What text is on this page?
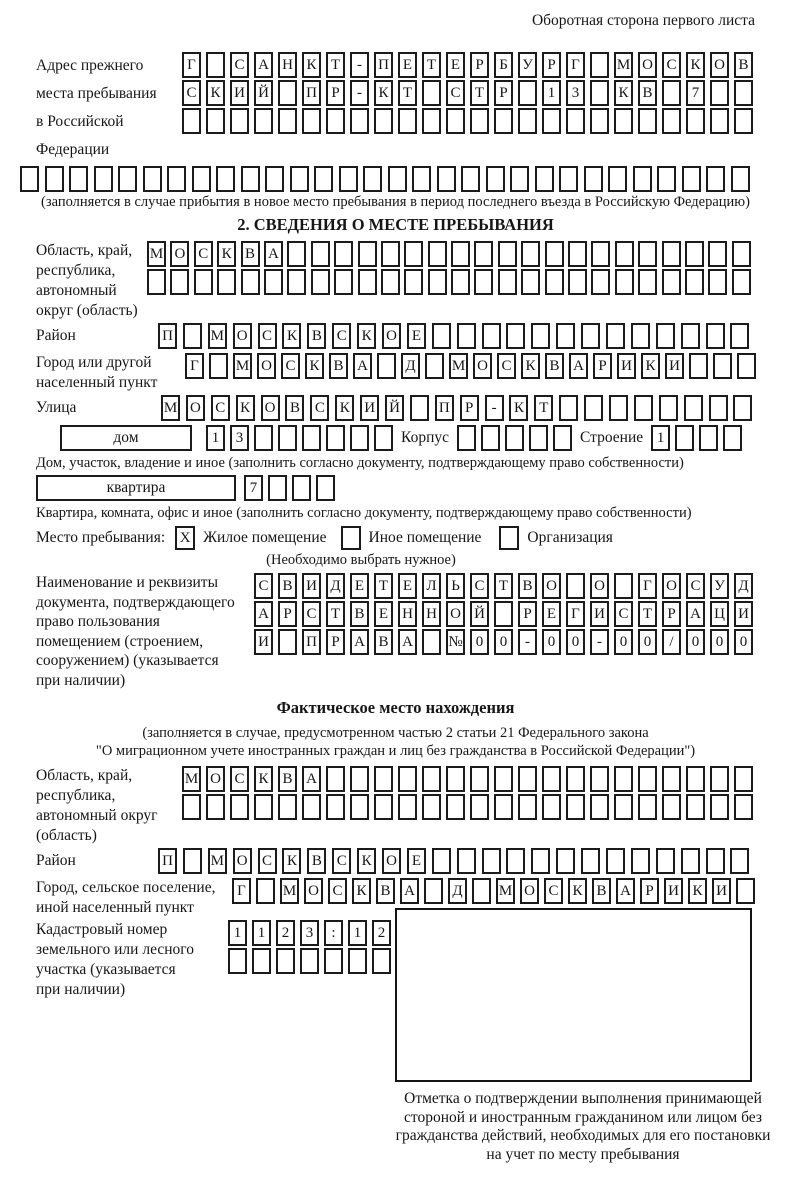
Оборотная сторона первого листа
Адрес прежнего
места пребывания
в Российской
Федерации
Г	С А Н К Т	-	П Е Т Е	Р	Б У Р	Г	М О С К О В
С К И Й П Р	-	К Т	С Т	Р	1	3	К В	7
(заполняется в случае прибытия в новое место пребывания в период последнего въезда в Российскую Федерацию)
2. СВЕДЕНИЯ О МЕСТЕ ПРЕБЫВАНИЯ
Область, край,
республика,
автономный
округ (область)
М О С К В А
Район	П	М О С К В С К О Е
Город или другой
населенный пункт
Г	М О С К В А Д М О С К В А Р И К И
Улица	М О С К О В С К И Й	П	Р	-	К	Т
дом	1	3	Корпус	Строение 1
Дом, участок, владение и иное (заполнить согласно документу, подтверждающему право собственности)
квартира	7
Квартира, комната, офис и иное (заполнить согласно документу, подтверждающему право собственности)
Место пребывания: X Жилое помещение	Иное помещение	Организация
(Необходимо выбрать нужное)
Наименование и реквизиты
документа, подтверждающего
право пользования
помещением (строением,
сооружением) (указывается
при наличии)
С В И Д Е Т Е Л Ь С Т В О О	Г О С У Д
А Р С Т В Е Н Н О Й	Р	Е	Г И С Т	Р А Ц И
И П Р А В А № 0	0	-	0	0	-	0	0	/	0	0	0
Фактическое место нахождения
(заполняется в случае, предусмотренном частью 2 статьи 21 Федерального закона
"О миграционном учете иностранных граждан и лиц без гражданства в Российской Федерации")
Область, край,
республика,
автономный округ
(область)
М О С К В А
Район	П	М О С К В С К О Е
Город, сельское поселение,
иной населенный пункт
Г	М О С К В А Д М О С К В А Р И К И
Кадастровый номер
земельного или лесного
участка (указывается
при наличии)
1	1	2	3	:	1	2
Отметка о подтверждении выполнения принимающей
стороной и иностранным гражданином или лицом без
гражданства действий, необходимых для его постановки
на учет по месту пребывания
